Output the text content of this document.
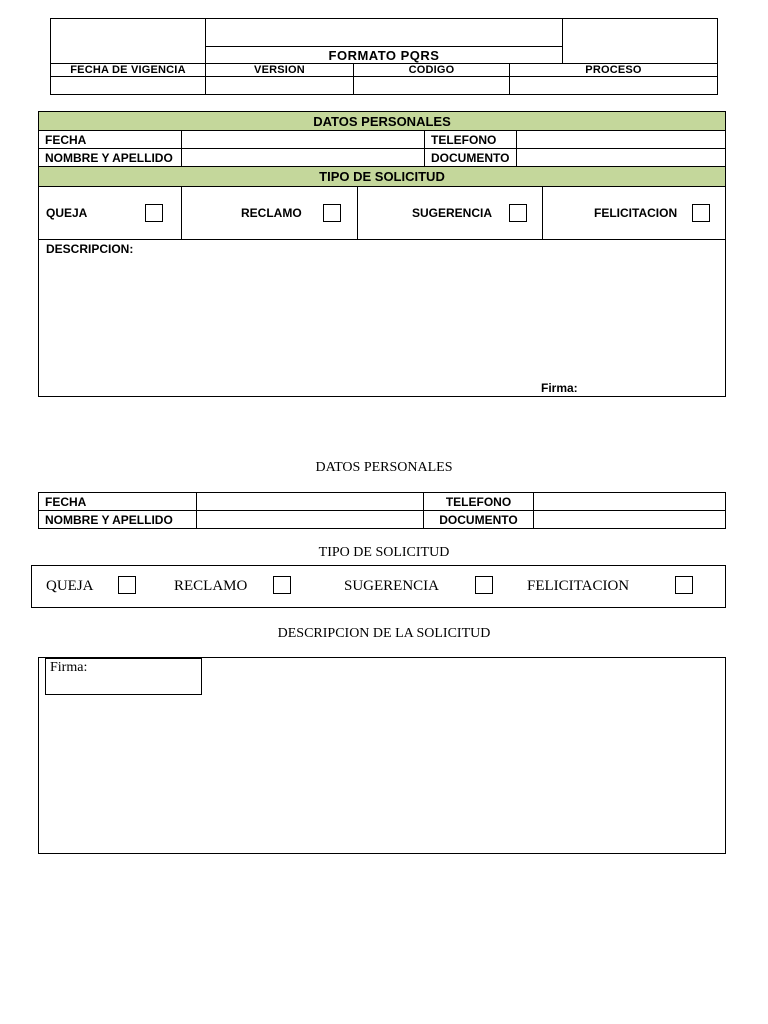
FORMATO PQRS
FECHA DE VIGENCIA	VERSION	CODIGO	PROCESO
DATOS PERSONALES
FECHA	TELEFONO
NOMBRE Y APELLIDO	DOCUMENTO
TIPO DE SOLICITUD
QUEJA	RECLAMO	SUGERENCIA	FELICITACION
DESCRIPCION:
Firma:
DATOS PERSONALES
FECHA	TELEFONO
NOMBRE Y APELLIDO	DOCUMENTO
TIPO DE SOLICITUD
QUEJA	RECLAMO	SUGERENCIA	FELICITACION
DESCRIPCION DE LA SOLICITUD
Firma:
